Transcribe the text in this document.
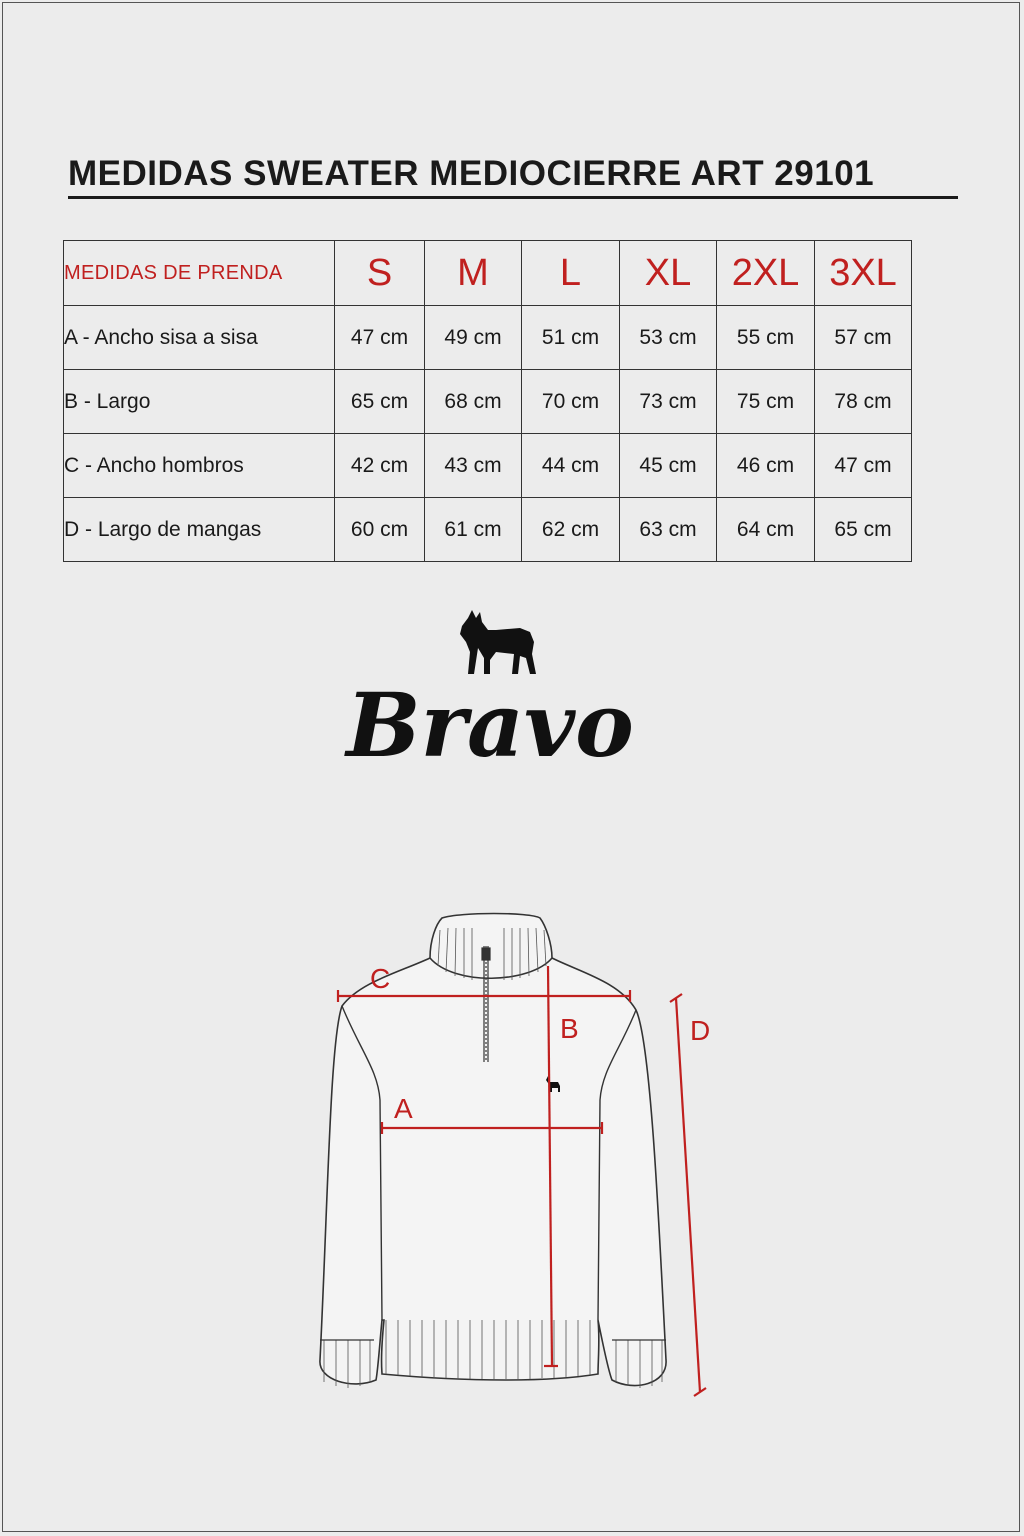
MEDIDAS SWEATER MEDIOCIERRE ART 29101
MEDIDAS DE PRENDA	S	M	L	XL	2XL	3XL
A - Ancho sisa a sisa	47 cm	49 cm	51 cm	53 cm	55 cm	57 cm
B - Largo	65 cm	68 cm	70 cm	73 cm	75 cm	78 cm
C - Ancho hombros	42 cm	43 cm	44 cm	45 cm	46 cm	47 cm
D - Largo de mangas	60 cm	61 cm	62 cm	63 cm	64 cm	65 cm
Bravo
C
A
B	D
